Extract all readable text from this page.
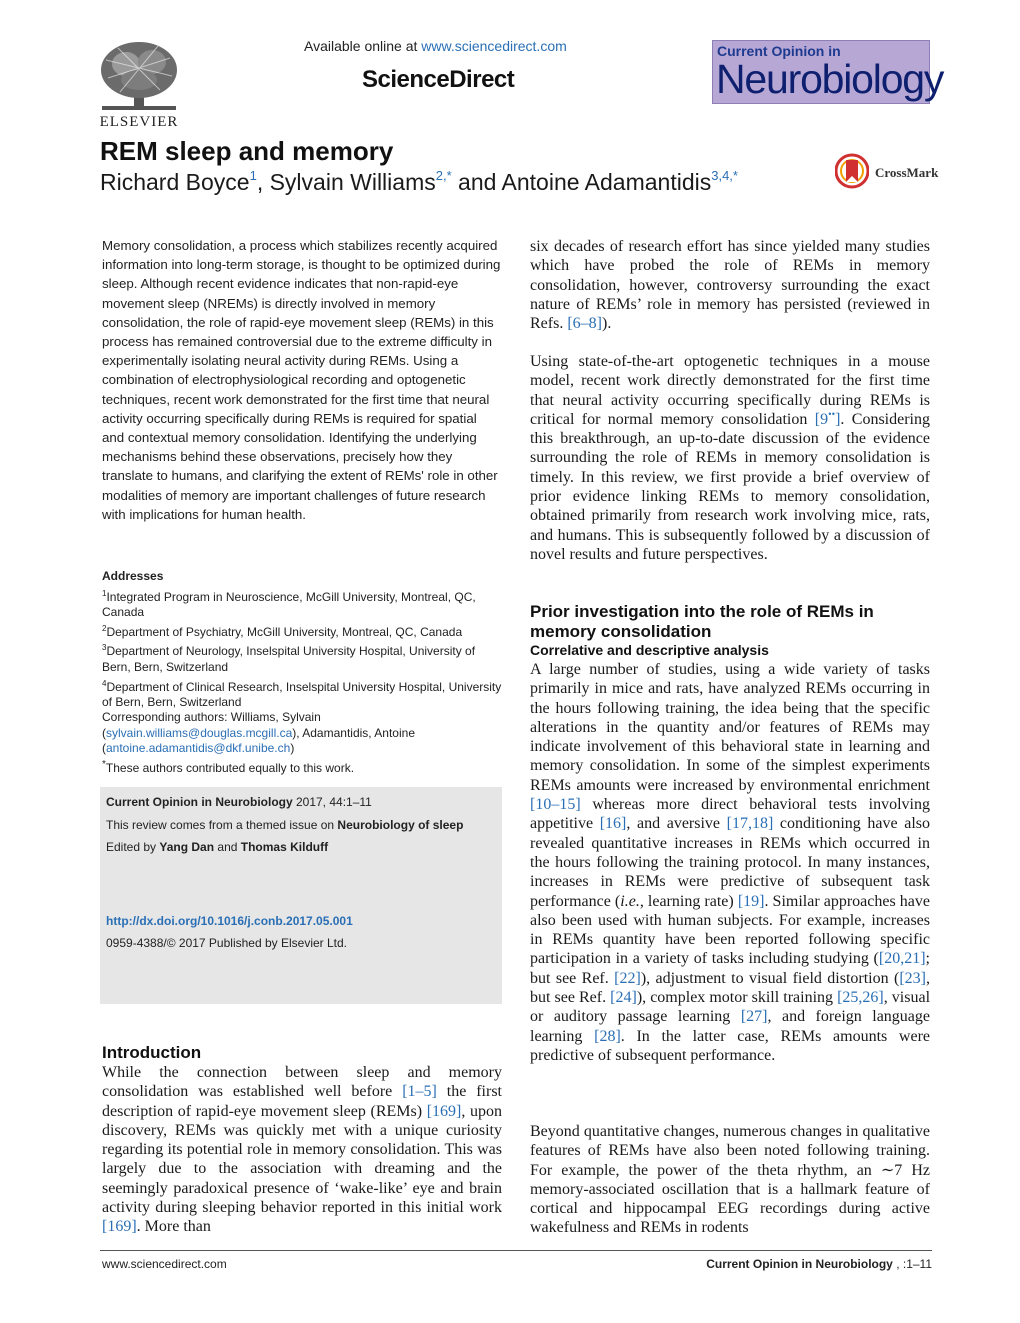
ELSEVIER
Available online at www.sciencedirect.com
ScienceDirect
Current Opinion in
Neurobiology
REM sleep and memory
Richard Boyce$^1$, Sylvain Williams$^{2,*}$ and Antoine Adamantidis$^{3,4,*}$	CrossMark

Memory consolidation, a process which stabilizes recently acquired information into long-term storage, is thought to be optimized during sleep. Although recent evidence indicates that non-rapid-eye movement sleep (NREMs) is directly involved in memory consolidation, the role of rapid-eye movement sleep (REMs) in this process has remained controversial due to the extreme difficulty in experimentally isolating neural activity during REMs. Using a combination of electrophysiological recording and optogenetic techniques, recent work demonstrated for the first time that neural activity occurring specifically during REMs is required for spatial and contextual memory consolidation. Identifying the underlying mechanisms behind these observations, precisely how they translate to humans, and clarifying the extent of REMs' role in other modalities of memory are important challenges of future research with implications for human health.

Addresses

$^1$Integrated Program in Neuroscience, McGill University, Montreal, QC, Canada

$^2$Department of Psychiatry, McGill University, Montreal, QC, Canada

$^3$Department of Neurology, Inselspital University Hospital, University of Bern, Bern, Switzerland

$^4$Department of Clinical Research, Inselspital University Hospital, University of Bern, Bern, Switzerland

Corresponding authors: Williams, Sylvain

(sylvain.williams@douglas.mcgill.ca), Adamantidis, Antoine

(antoine.adamantidis@dkf.unibe.ch)

*These authors contributed equally to this work.

Current Opinion in Neurobiology 2017, 44:1–11
This review comes from a themed issue on Neurobiology of sleep
Edited by Yang Dan and Thomas Kilduff
http://dx.doi.org/10.1016/j.conb.2017.05.001
0959-4388/© 2017 Published by Elsevier Ltd.
Introduction

While the connection between sleep and memory consolidation was established well before [1–5] the first description of rapid-eye movement sleep (REMs) [169], upon discovery, REMs was quickly met with a unique curiosity regarding its potential role in memory consolidation. This was largely due to the association with dreaming and the seemingly paradoxical presence of ‘wake-like’ eye and brain activity during sleeping behavior reported in this initial work [169]. More than

six decades of research effort has since yielded many studies which have probed the role of REMs in memory consolidation, however, controversy surrounding the exact nature of REMs’ role in memory has persisted (reviewed in Refs. [6–8]).

Using state-of-the-art optogenetic techniques in a mouse model, recent work directly demonstrated for the first time that neural activity occurring specifically during REMs is critical for normal memory consolidation [9••]. Considering this breakthrough, an up-to-date discussion of the evidence surrounding the role of REMs in memory consolidation is timely. In this review, we first provide a brief overview of prior evidence linking REMs to memory consolidation, obtained primarily from research work involving mice, rats, and humans. This is subsequently followed by a discussion of novel results and future perspectives.

Prior investigation into the role of REMs in memory consolidation
Correlative and descriptive analysis

A large number of studies, using a wide variety of tasks primarily in mice and rats, have analyzed REMs occurring in the hours following training, the idea being that the specific alterations in the quantity and/or features of REMs may indicate involvement of this behavioral state in learning and memory consolidation. In some of the simplest experiments REMs amounts were increased by environmental enrichment [10–15] whereas more direct behavioral tests involving appetitive [16], and aversive [17,18] conditioning have also revealed quantitative increases in REMs which occurred in the hours following the training protocol. In many instances, increases in REMs were predictive of subsequent task performance (i.e., learning rate) [19]. Similar approaches have also been used with human subjects. For example, increases in REMs quantity have been reported following specific participation in a variety of tasks including studying ([20,21]; but see Ref. [22]), adjustment to visual field distortion ([23], but see Ref. [24]), complex motor skill training [25,26], visual or auditory passage learning [27], and foreign language learning [28]. In the latter case, REMs amounts were predictive of subsequent performance.

Beyond quantitative changes, numerous changes in qualitative features of REMs have also been noted following training. For example, the power of the theta rhythm, an ∼7 Hz memory-associated oscillation that is a hallmark feature of cortical and hippocampal EEG recordings during active wakefulness and REMs in rodents

www.sciencedirect.com	Current Opinion in Neurobiology , :1–11
